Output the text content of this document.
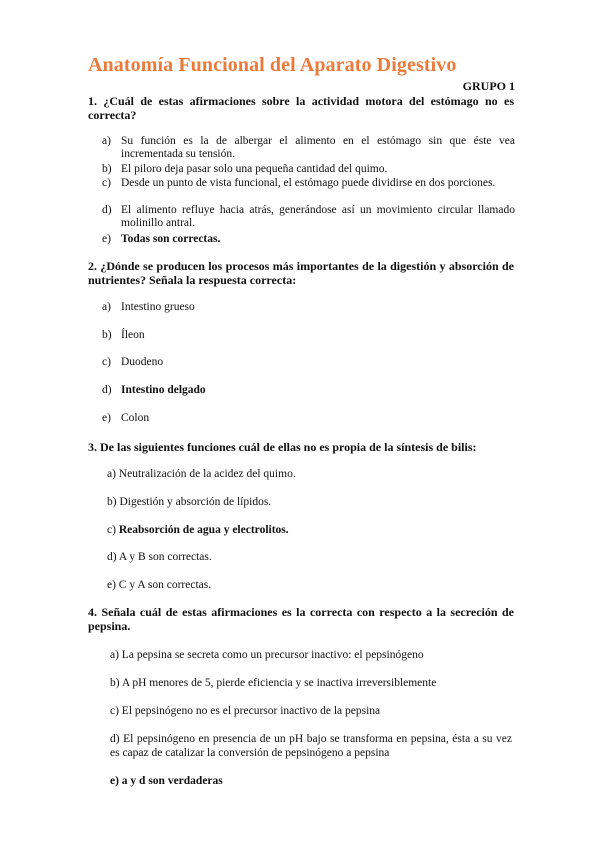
Anatomía Funcional del Aparato Digestivo
GRUPO 1
1. ¿Cuál de estas afirmaciones sobre la actividad motora del estómago no es correcta?
a) Su función es la de albergar el alimento en el estómago sin que éste vea incrementada su tensión.
b) El piloro deja pasar solo una pequeña cantidad del quimo.
c) Desde un punto de vista funcional, el estómago puede dividirse en dos porciones.
d) El alimento refluye hacia atrás, generándose así un movimiento circular llamado molinillo antral.
e) Todas son correctas.
2. ¿Dónde se producen los procesos más importantes de la digestión y absorción de nutrientes? Señala la respuesta correcta:
a) Intestino grueso
b) Íleon
c) Duodeno
d) Intestino delgado
e) Colon
3. De las siguientes funciones cuál de ellas no es propia de la síntesis de bilis:
a) Neutralización de la acidez del quimo.
b) Digestión y absorción de lípidos.
c) Reabsorción de agua y electrolitos.
d) A y B son correctas.
e) C y A son correctas.
4. Señala cuál de estas afirmaciones es la correcta con respecto a la secreción de pepsina.
a) La pepsina se secreta como un precursor inactivo: el pepsinógeno
b) A pH menores de 5, pierde eficiencia y se inactiva irreversiblemente
c) El pepsinógeno no es el precursor inactivo de la pepsina
d) El pepsinógeno en presencia de un pH bajo se transforma en pepsina, ésta a su vez es capaz de catalizar la conversión de pepsinógeno a pepsina
e) a y d son verdaderas
